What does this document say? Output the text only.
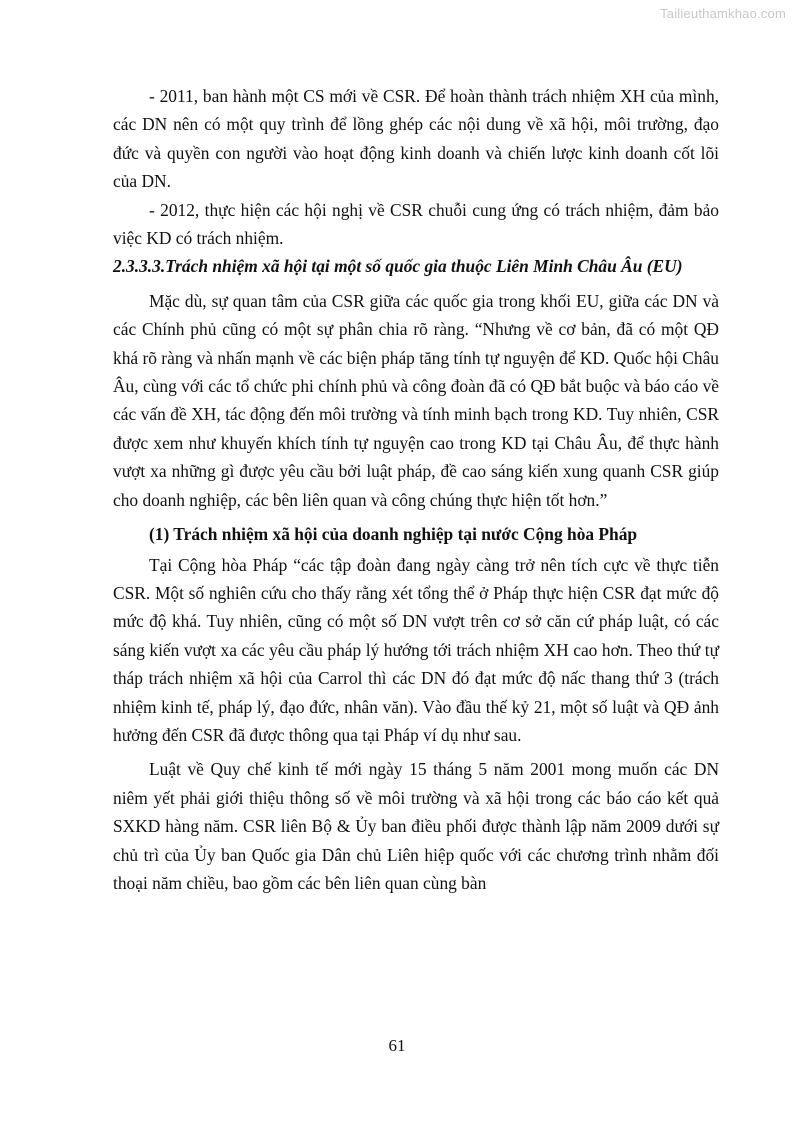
Tailieuthamkhao.com

- 2011, ban hành một CS mới về CSR. Để hoàn thành trách nhiệm XH của mình, các DN nên có một quy trình để lồng ghép các nội dung về xã hội, môi trường, đạo đức và quyền con người vào hoạt động kinh doanh và chiến lược kinh doanh cốt lõi của DN.

- 2012, thực hiện các hội nghị về CSR chuỗi cung ứng có trách nhiệm, đảm bảo việc KD có trách nhiệm.

2.3.3.3.Trách nhiệm xã hội tại một số quốc gia thuộc Liên Minh Châu Âu (EU)

Mặc dù, sự quan tâm của CSR giữa các quốc gia trong khối EU, giữa các DN và các Chính phủ cũng có một sự phân chia rõ ràng. “Nhưng về cơ bản, đã có một QĐ khá rõ ràng và nhấn mạnh về các biện pháp tăng tính tự nguyện để KD. Quốc hội Châu Âu, cùng với các tổ chức phi chính phủ và công đoàn đã có QĐ bắt buộc và báo cáo về các vấn đề XH, tác động đến môi trường và tính minh bạch trong KD. Tuy nhiên, CSR được xem như khuyến khích tính tự nguyện cao trong KD tại Châu Âu, để thực hành vượt xa những gì được yêu cầu bởi luật pháp, đề cao sáng kiến xung quanh CSR giúp cho doanh nghiệp, các bên liên quan và công chúng thực hiện tốt hơn.”

(1) Trách nhiệm xã hội của doanh nghiệp tại nước Cộng hòa Pháp

Tại Cộng hòa Pháp “các tập đoàn đang ngày càng trở nên tích cực về thực tiễn CSR. Một số nghiên cứu cho thấy rằng xét tổng thể ở Pháp thực hiện CSR đạt mức độ mức độ khá. Tuy nhiên, cũng có một số DN vượt trên cơ sở căn cứ pháp luật, có các sáng kiến vượt xa các yêu cầu pháp lý hướng tới trách nhiệm XH cao hơn. Theo thứ tự tháp trách nhiệm xã hội của Carrol thì các DN đó đạt mức độ nấc thang thứ 3 (trách nhiệm kinh tế, pháp lý, đạo đức, nhân văn). Vào đầu thế kỷ 21, một số luật và QĐ ảnh hưởng đến CSR đã được thông qua tại Pháp ví dụ như sau.

Luật về Quy chế kinh tế mới ngày 15 tháng 5 năm 2001 mong muốn các DN niêm yết phải giới thiệu thông số về môi trường và xã hội trong các báo cáo kết quả SXKD hàng năm. CSR liên Bộ & Ủy ban điều phối được thành lập năm 2009 dưới sự chủ trì của Ủy ban Quốc gia Dân chủ Liên hiệp quốc với các chương trình nhằm đối thoại năm chiều, bao gồm các bên liên quan cùng bàn

61
